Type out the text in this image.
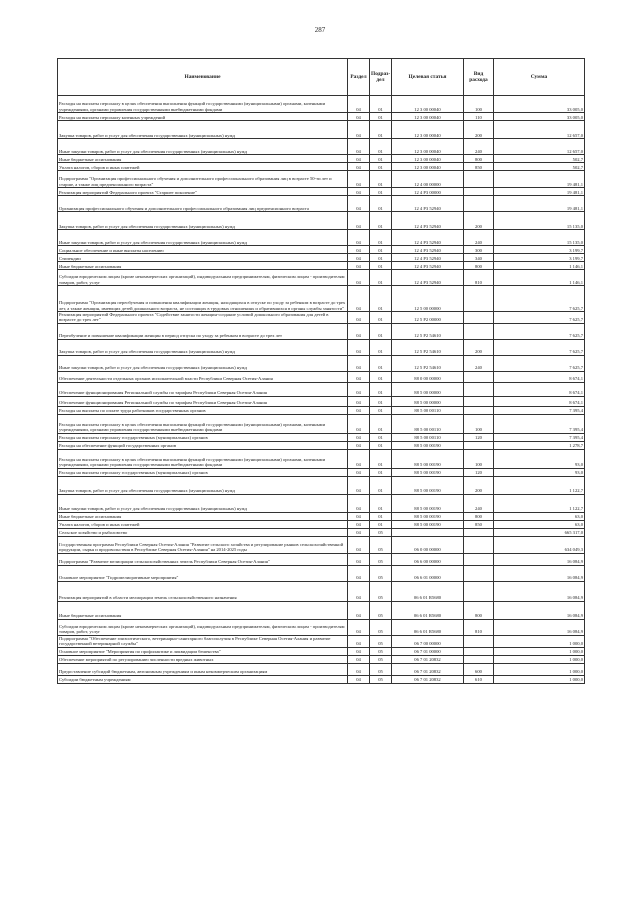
287
Наименование	Раздел	Подраз-дел	Целевая статья	Вид расхода	Сумма
Расходы на выплаты персоналу в целях обеспечения выполнения функций государственными (муниципальными) органами, казенными учреждениями, органами управления государственными внебюджетными фондами	04	01	12 3 00 00040	100	33 005,0
Расходы на выплаты персоналу казенных учреждений	04	01	12 3 00 00040	110	33 005,0
Закупка товаров, работ и услуг для обеспечения государственных (муниципальных) нужд	04	01	12 3 00 00040	200	12 657,0
Иные закупки товаров, работ и услуг для обеспечения государственных (муниципальных) нужд	04	01	12 3 00 00040	240	12 657,0
Иные бюджетные ассигнования	04	01	12 3 00 00040	800	502,7
Уплата налогов, сборов и иных платежей	04	01	12 3 00 00040	850	502,7
Подпрограмма "Организация профессионального обучения и дополнительного профессионального образования лиц в возрасте 50-ти лет и старше, а также лиц предпенсионного возраста"	04	01	12 4 00 00000		19 481,1
Реализация мероприятий Федерального проекта "Старшее поколение"	04	01	12 4 P3 00000		19 481,1
Организация профессионального обучения и дополнительного профессионального образования лиц предпенсионного возраста	04	01	12 4 P3 52940		19 481,1
Закупка товаров, работ и услуг для обеспечения государственных (муниципальных) нужд	04	01	12 4 P3 52940	200	15 135,0
Иные закупки товаров, работ и услуг для обеспечения государственных (муниципальных) нужд	04	01	12 4 P3 52940	240	15 135,0
Социальное обеспечение и иные выплаты населению	04	01	12 4 P3 52940	300	3 199,7
Стипендии	04	01	12 4 P3 52940	340	3 199,7
Иные бюджетные ассигнования	04	01	12 4 P3 52940	800	1 146,1
Субсидии юридическим лицам (кроме некоммерческих организаций), индивидуальным предпринимателям, физическим лицам - производителям товаров, работ, услуг	04	01	12 4 P3 52940	810	1 146,1
Подпрограмма "Организация переобучения и повышения квалификации женщин, находящихся в отпуске по уходу за ребенком в возрасте до трех лет, а также женщин, имеющих детей дошкольного возраста, не состоящих в трудовых отношениях и обратившихся в органы службы занятости"	04	01	12 5 00 00000		7 625,7
Реализация мероприятий Федерального проекта "Содействие занятости женщин-создание условий дошкольного образования для детей в возрасте до трех лет"	04	01	12 5 P2 00000		7 625,7
Переобучение и повышение квалификации женщин в период отпуска по уходу за ребенком в возрасте до трех лет	04	01	12 5 P2 54610		7 625,7
Закупка товаров, работ и услуг для обеспечения государственных (муниципальных) нужд	04	01	12 5 P2 54610	200	7 625,7
Иные закупки товаров, работ и услуг для обеспечения государственных (муниципальных) нужд	04	01	12 5 P2 54610	240	7 625,7
Обеспечение деятельности отдельных органов исполнительной власти Республики Северная Осетия-Алания	04	01	88 0 00 00000		8 674,1
Обеспечение функционирования Региональной службы по тарифам Республики Северная Осетия-Алания	04	01	88 5 00 00000		8 674,1
Обеспечение функционирования Региональной службы по тарифам Республики Северная Осетия-Алания	04	01	88 5 00 00000		8 674,1
Расходы на выплаты по оплате труда работников государственных органов	04	01	88 5 00 00110		7 395,4
Расходы на выплаты персоналу в целях обеспечения выполнения функций государственными (муниципальными) органами, казенными учреждениями, органами управления государственными внебюджетными фондами	04	01	88 5 00 00110	100	7 395,4
Расходы на выплаты персоналу государственных (муниципальных) органов	04	01	88 5 00 00110	120	7 395,4
Расходы на обеспечение функций государственных органов	04	01	88 5 00 00190		1 278,7
Расходы на выплаты персоналу в целях обеспечения выполнения функций государственными (муниципальными) органами, казенными учреждениями, органами управления государственными внебюджетными фондами	04	01	88 5 00 00190	100	93,0
Расходы на выплаты персоналу государственных (муниципальных) органов	04	01	88 5 00 00190	120	93,0
Закупка товаров, работ и услуг для обеспечения государственных (муниципальных) нужд	04	01	88 5 00 00190	200	1 122,7
Иные закупки товаров, работ и услуг для обеспечения государственных (муниципальных) нужд	04	01	88 5 00 00190	240	1 122,7
Иные бюджетные ассигнования	04	01	88 5 00 00190	800	63,0
Уплата налогов, сборов и иных платежей	04	01	88 5 00 00190	850	63,0
Сельское хозяйство и рыболовство	04	05			665 317,0
Государственная программа Республики Северная Осетия-Алания "Развитие сельского хозяйства и регулирование рынков сельскохозяйственной продукции, сырья и продовольствия в Республике Северная Осетия-Алания" на 2014-2025 годы	04	05	06 0 00 00000		634 049,3
Подпрограмма "Развитие мелиорации сельскохозяйственных земель Республики Северная Осетия-Алания"	04	05	06 6 00 00000		16 084,9
Основное мероприятие "Гидромелиоративные мероприятия"	04	05	06 6 01 00000		16 084,9
Реализация мероприятий в области мелиорации земель сельскохозяйственного назначения	04	05	06 6 01 R5680		16 084,9
Иные бюджетные ассигнования	04	05	06 6 01 R5680	800	16 084,9
Субсидии юридическим лицам (кроме некоммерческих организаций), индивидуальным предпринимателям, физическим лицам - производителям товаров, работ, услуг	04	05	06 6 01 R5680	810	16 084,9
Подпрограмма "Обеспечение эпизоотического, ветеринарно-санитарного благополучия в Республике Северная Осетия-Алания и развитие государственной ветеринарной службы"	04	05	06 7 00 00000		1 000,0
Основное мероприятие "Мероприятия по профилактике и ликвидации бешенства"	04	05	06 7 01 00000		1 000,0
Обеспечение мероприятий по регулированию численности вредных животных	04	05	06 7 01 20832		1 000,0
Предоставление субсидий бюджетным, автономным учреждениям и иным некоммерческим организациям	04	05	06 7 01 20832	600	1 000,0
Субсидии бюджетным учреждениям	04	05	06 7 01 20832	610	1 000,0
